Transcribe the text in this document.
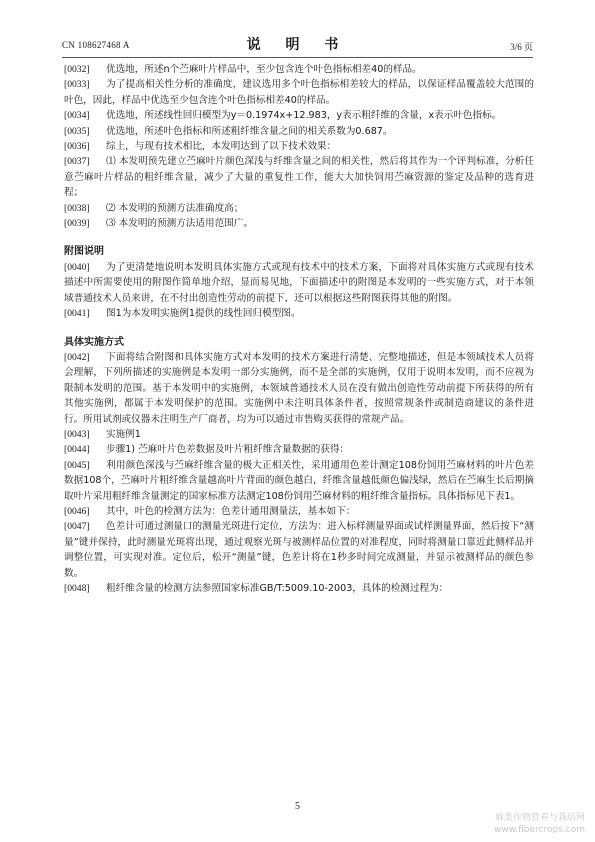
CN 108627468 A	说 明 书	3/6 页

[0032] 优选地，所述n个苎麻叶片样品中，至少包含连个叶色指标相差40的样品。

[0033] 为了提高相关性分析的准确度，建议选用多个叶色指标相差较大的样品，以保证样品覆盖较大范围的叶色，因此，样品中优选至少包含连个叶色指标相差40的样品。

[0034] 优选地，所述线性回归模型为y＝0.1974x+12.983，y表示粗纤维的含量，x表示叶色指标。

[0035] 优选地，所述叶色指标和所述粗纤维含量之间的相关系数为0.687。

[0036] 综上，与现有技术相比，本发明达到了以下技术效果：

[0037] ⑴ 本发明预先建立苎麻叶片颜色深浅与纤维含量之间的相关性，然后将其作为一个评判标准，分析任意苎麻叶片样品的粗纤维含量，减少了大量的重复性工作，能大大加快饲用苎麻资源的鉴定及品种的选育进程；

[0038] ⑵ 本发明的预测方法准确度高；

[0039] ⑶ 本发明的预测方法适用范围广。

附图说明

[0040] 为了更清楚地说明本发明具体实施方式或现有技术中的技术方案，下面将对具体实施方式或现有技术描述中所需要使用的附图作简单地介绍，显而易见地，下面描述中的附图是本发明的一些实施方式，对于本领域普通技术人员来讲，在不付出创造性劳动的前提下，还可以根据这些附图获得其他的附图。

[0041] 图1为本发明实施例1提供的线性回归模型图。

具体实施方式

[0042] 下面将结合附图和具体实施方式对本发明的技术方案进行清楚、完整地描述，但是本领域技术人员将会理解，下列所描述的实施例是本发明一部分实施例，而不是全部的实施例，仅用于说明本发明，而不应视为限制本发明的范围。基于本发明中的实施例，本领域普通技术人员在没有做出创造性劳动前提下所获得的所有其他实施例，都属于本发明保护的范围。实施例中未注明具体条件者，按照常规条件或制造商建议的条件进行。所用试剂或仪器未注明生产厂商者，均为可以通过市售购买获得的常规产品。

[0043] 实施例1

[0044] 步骤1) 苎麻叶片色差数据及叶片粗纤维含量数据的获得：

[0045] 利用颜色深浅与苎麻纤维含量的极大正相关性，采用通用色差计测定108份饲用苎麻材料的叶片色差数据108个，苎麻叶片粗纤维含量越高叶片背面的颜色越白，纤维含量越低颜色偏浅绿，然后在苎麻生长后期摘取叶片采用粗纤维含量测定的国家标准方法测定108份饲用苎麻材料的粗纤维含量指标。具体指标见下表1。

[0046] 其中，叶色的检测方法为：色差计通用测量法，基本如下：

[0047] 色差计可通过测量口的测量光斑进行定位，方法为：进入标样测量界面或试样测量界面，然后按下“测量”键并保持，此时测量光斑将出现，通过观察光斑与被测样品位置的对准程度，同时将测量口靠近此侧样品并调整位置，可实现对准。定位后，松开“测量”键，色差计将在1秒多时间完成测量，并显示被测样品的颜色参数。

[0048] 粗纤维含量的检测方法参照国家标准GB/T:5009.10-2003，具体的检测过程为：

5
麻类作物营养与栽培网
www.fibercrops.com
